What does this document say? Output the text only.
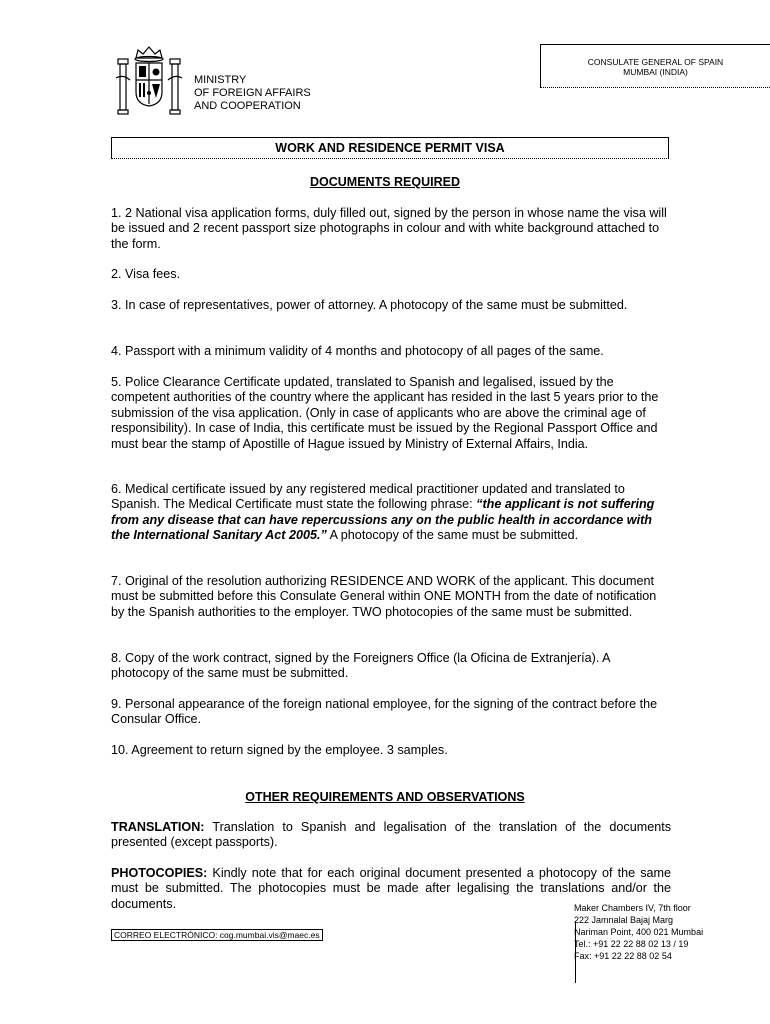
CONSULATE GENERAL OF SPAIN
MUMBAI (INDIA)
MINISTRY
OF FOREIGN AFFAIRS
AND COOPERATION
WORK AND RESIDENCE PERMIT VISA
DOCUMENTS REQUIRED
1. 2 National visa application forms, duly filled out, signed by the person in whose name the visa will be issued and 2 recent passport size photographs in colour and with white background attached to the form.
2. Visa fees.
3. In case of representatives, power of attorney. A photocopy of the same must be submitted.
4. Passport with a minimum validity of 4 months and photocopy of all pages of the same.
5. Police Clearance Certificate updated, translated to Spanish and legalised, issued by the competent authorities of the country where the applicant has resided in the last 5 years prior to the submission of the visa application. (Only in case of applicants who are above the criminal age of responsibility). In case of India, this certificate must be issued by the Regional Passport Office and must bear the stamp of Apostille of Hague issued by Ministry of External Affairs, India.
6. Medical certificate issued by any registered medical practitioner updated and translated to Spanish. The Medical Certificate must state the following phrase: “the applicant is not suffering from any disease that can have repercussions any on the public health in accordance with the International Sanitary Act 2005.” A photocopy of the same must be submitted.
7. Original of the resolution authorizing RESIDENCE AND WORK of the applicant. This document must be submitted before this Consulate General within ONE MONTH from the date of notification by the Spanish authorities to the employer. TWO photocopies of the same must be submitted.
8. Copy of the work contract, signed by the Foreigners Office (la Oficina de Extranjería). A photocopy of the same must be submitted.
9. Personal appearance of the foreign national employee, for the signing of the contract before the Consular Office.
10. Agreement to return signed by the employee. 3 samples.
OTHER REQUIREMENTS AND OBSERVATIONS
TRANSLATION: Translation to Spanish and legalisation of the translation of the documents presented (except passports).
PHOTOCOPIES: Kindly note that for each original document presented a photocopy of the same must be submitted. The photocopies must be made after legalising the translations and/or the documents.
CORREO ELECTRÓNICO: cog.mumbai.vis@maec.es
Maker Chambers IV, 7th floor
222 Jamnalal Bajaj Marg
Nariman Point, 400 021 Mumbai
Tel.: +91 22 22 88 02 13 / 19
Fax: +91 22 22 88 02 54
